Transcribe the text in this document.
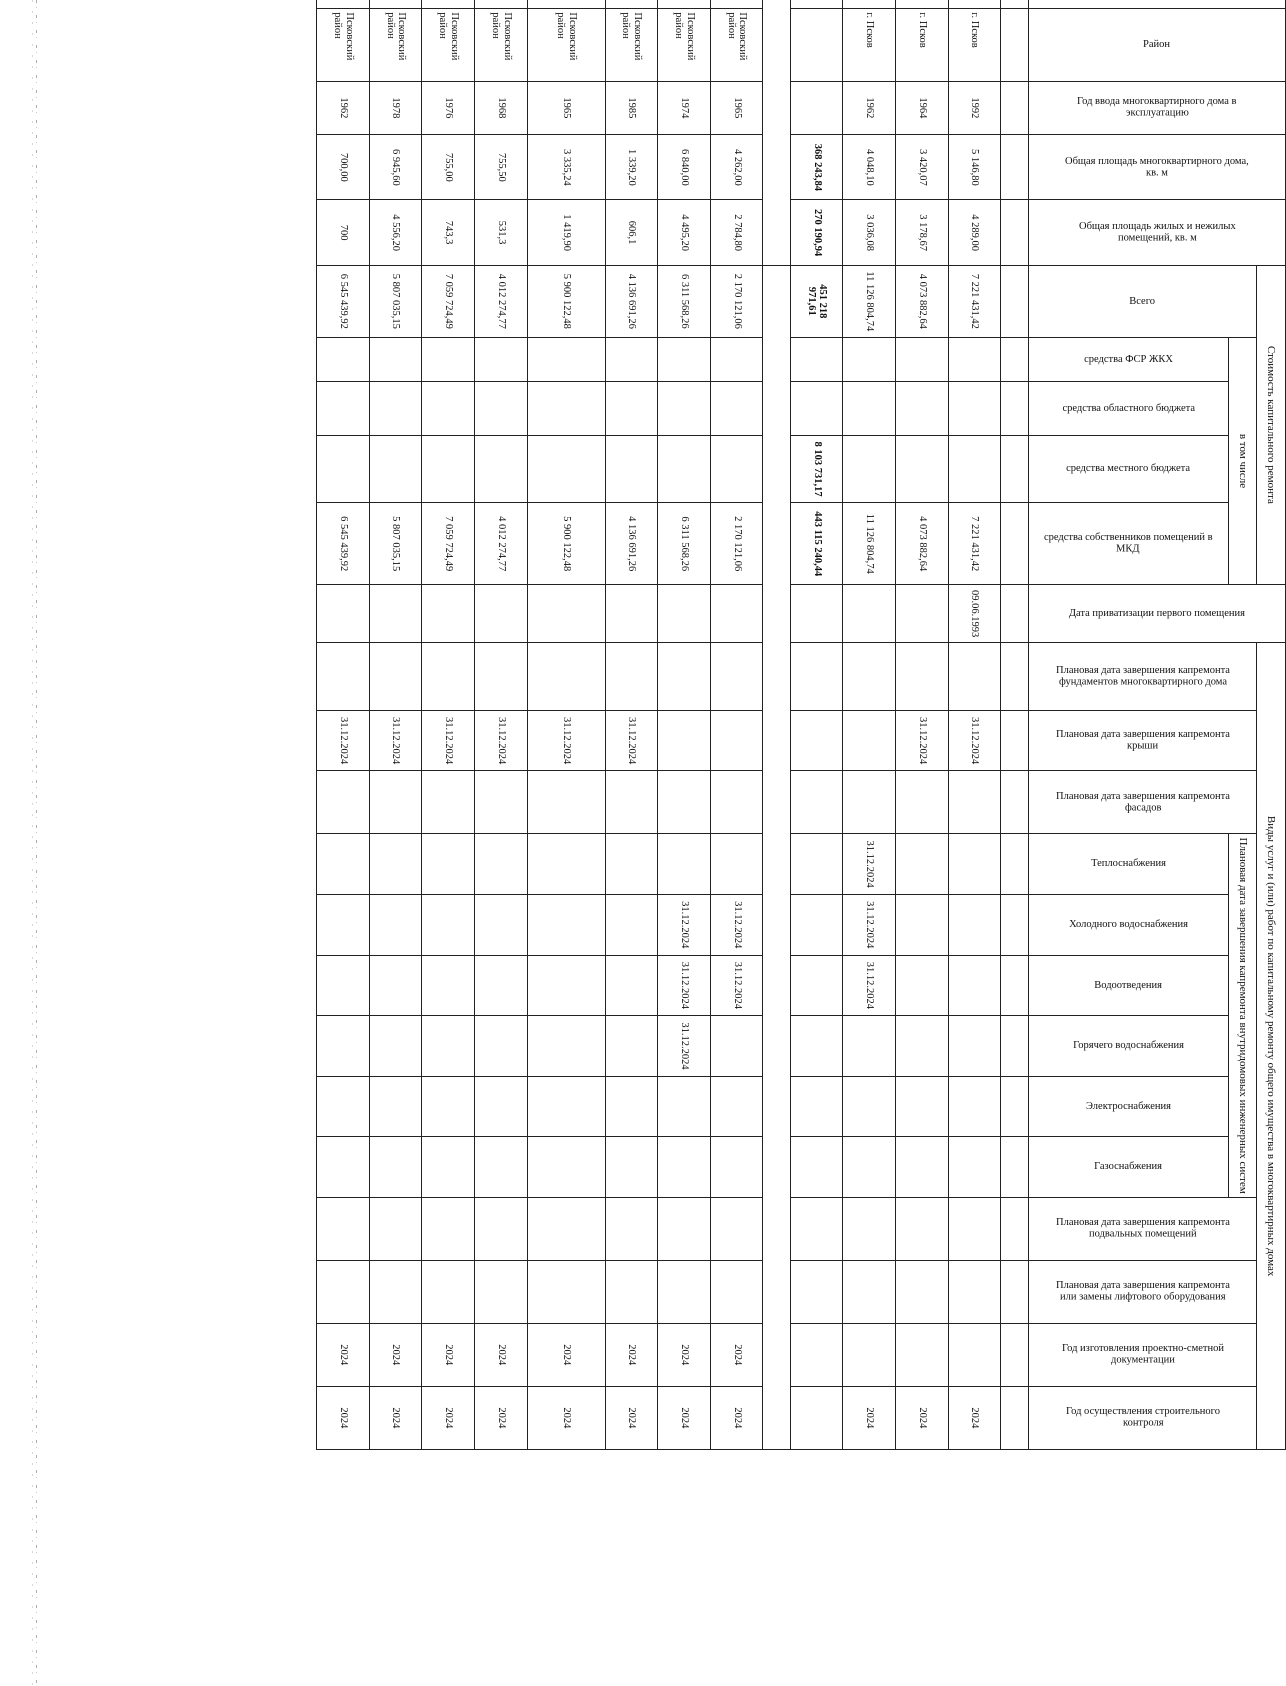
Район	Год ввода многоквартирного дома в эксплуатацию	Общая площадь многоквартирного дома, кв. м	Общая площадь жилых и нежилых помещений, кв. м	Стоимость капитального ремонта					Дата приватизации первого помещения	Виды услуг и (или) работ по капитальному ремонту общего имущества в многоквартирных домах												

							Всего	в том числе					Плановая дата завершения капремонта фундаментов многоквартирного дома	Плановая дата завершения капремонта крыши	Плановая дата завершения капремонта фасадов	Плановая дата завершения капремонта внутридомовых инженерных систем						Плановая дата завершения капремонта подвальных помещений	Плановая дата завершения капремонта или замены лифтового оборудования	Год изготовления проектно-сметной документации	Год осуществления строительного контроля

								средства ФСР ЖКХ	средства областного бюджета	средства местного бюджета	средства собственников помещений в МКД					Теплоснабжения	Холодного водоснабжения	Водоотведения	Горячего водоснабжения	Электроснабжения	Газоснабжения				

			г. Псков	1992	5 146,80	4 289,00	7 221 431,42				7 221 431,42	09.06.1993		31.12.2024											2024
			г. Псков	1964	3 420,07	3 178,67	4 073 882,64				4 073 882,64			31.12.2024											2024
			г. Псков	1962	4 048,10	3 036,08	11 126 804,74				11 126 804,74					31.12.2024	31.12.2024	31.12.2024							2024
					368 243,84	270 190,94	451 218 971,61			8 103 731,17	443 115 240,44														

			Псковский район	1965	4 262,00	2 784,80	2 170 121,06				2 170 121,06						31.12.2024	31.12.2024						2024	2024
			Псковский район	1974	6 840,00	4 495,20	6 311 568,26				6 311 568,26						31.12.2024	31.12.2024	31.12.2024					2024	2024
			Псковский район	1985	1 339,20	606,1	4 136 691,26				4 136 691,26			31.12.2024										2024	2024
			Псковский район	1965	3 335,24	1 419,90	5 900 122,48				5 900 122,48			31.12.2024										2024	2024
			Псковский район	1968	755,50	531,3	4 012 274,77				4 012 274,77			31.12.2024										2024	2024
			Псковский район	1976	755,00	743,3	7 059 724,49				7 059 724,49			31.12.2024										2024	2024
			Псковский район	1978	6 945,60	4 556,20	5 807 035,15				5 807 035,15			31.12.2024										2024	2024
			Псковский район	1962	700,00	700	6 545 439,92				6 545 439,92			31.12.2024										2024	2024
